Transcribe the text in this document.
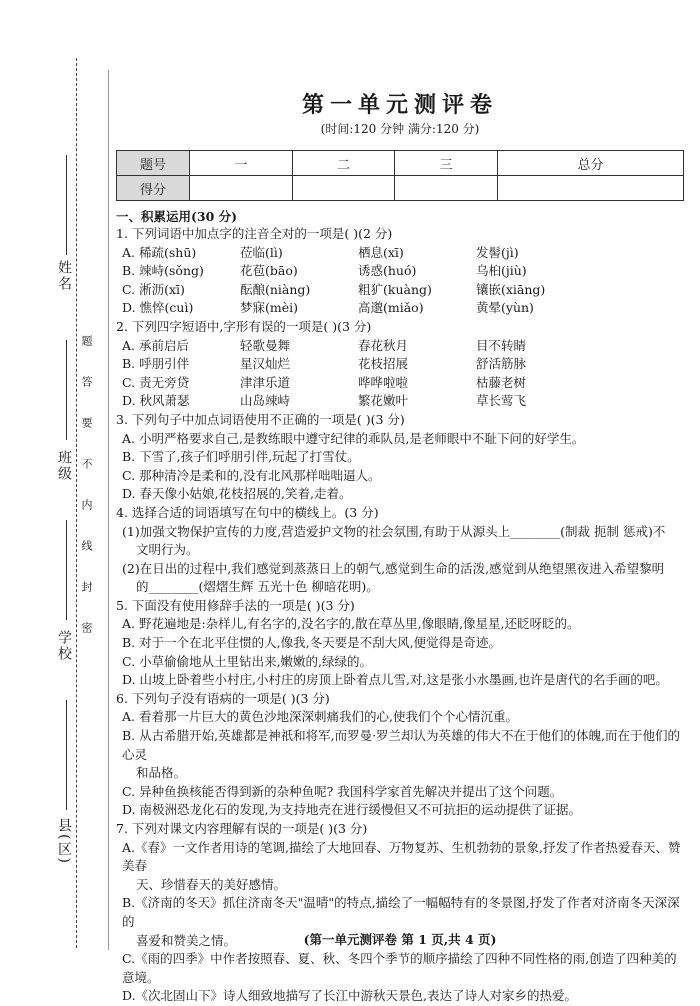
姓名
班级
学校
县(区)
题答要不内线封密
第一单元测评卷
(时间:120 分钟 满分:120 分)
题号	一	二	三	总分
得分				
一、积累运用(30 分)
1. 下列词语中加点字的注音全对的一项是( )(2 分)
A. 稀疏(shū)	莅临(lì)	栖息(xī)	发髻(jì)
B. 竦峙(sǒng)	花苞(bāo)	诱惑(huó)	乌桕(jiù)
C. 淅沥(xī)	酝酿(niàng)	粗犷(kuàng)	镶嵌(xiāng)
D. 憔悴(cuì)	梦寐(mèi)	高邈(miǎo)	黄晕(yùn)
2. 下列四字短语中,字形有误的一项是( )(3 分)
A. 承前启后	轻歌曼舞	春花秋月	目不转睛
B. 呼朋引伴	星汉灿烂	花枝招展	舒活筋脉
C. 责无旁贷	津津乐道	哗哗啦啦	枯藤老树
D. 秋风萧瑟	山岛竦峙	繁花嫩叶	草长莺飞
3. 下列句子中加点词语使用不正确的一项是( )(3 分)
A. 小明严格要求自己,是教练眼中遵守纪律的乖队员,是老师眼中不耻下问的好学生。
B. 下雪了,孩子们呼朋引伴,玩起了打雪仗。
C. 那种清冷是柔和的,没有北风那样咄咄逼人。
D. 春天像小姑娘,花枝招展的,笑着,走着。
4. 选择合适的词语填写在句中的横线上。(3 分)
(1)加强文物保护宣传的力度,营造爱护文物的社会氛围,有助于从源头上________(制裁 扼制 惩戒)不
文明行为。
(2)在日出的过程中,我们感觉到蒸蒸日上的朝气,感觉到生命的活泼,感觉到从绝望黑夜进入希望黎明
的________(熠熠生辉 五光十色 柳暗花明)。
5. 下面没有使用修辞手法的一项是( )(3 分)
A. 野花遍地是:杂样儿,有名字的,没名字的,散在草丛里,像眼睛,像星星,还眨呀眨的。
B. 对于一个在北平住惯的人,像我,冬天要是不刮大风,便觉得是奇迹。
C. 小草偷偷地从土里钻出来,嫩嫩的,绿绿的。
D. 山坡上卧着些小村庄,小村庄的房顶上卧着点儿雪,对,这是张小水墨画,也许是唐代的名手画的吧。
6. 下列句子没有语病的一项是( )(3 分)
A. 看着那一片巨大的黄色沙地深深刺痛我们的心,使我们个个心情沉重。
B. 从古希腊开始,英雄都是神祇和将军,而罗曼·罗兰却认为英雄的伟大不在于他们的体魄,而在于他们的心灵
和品格。
C. 异种鱼换核能否得到新的杂种鱼呢? 我国科学家首先解决并提出了这个问题。
D. 南极洲恐龙化石的发现,为支持地壳在进行缓慢但又不可抗拒的运动提供了证据。
7. 下列对课文内容理解有误的一项是( )(3 分)
A.《春》一文作者用诗的笔调,描绘了大地回春、万物复苏、生机勃勃的景象,抒发了作者热爱春天、赞美春
天、珍惜春天的美好感情。
B.《济南的冬天》抓住济南冬天"温晴"的特点,描绘了一幅幅特有的冬景图,抒发了作者对济南冬天深深的
喜爱和赞美之情。
C.《雨的四季》中作者按照春、夏、秋、冬四个季节的顺序描绘了四种不同性格的雨,创造了四种美的意境。
D.《次北固山下》诗人细致地描写了长江中游秋天景色,表达了诗人对家乡的热爱。
(第一单元测评卷 第 1 页,共 4 页)
